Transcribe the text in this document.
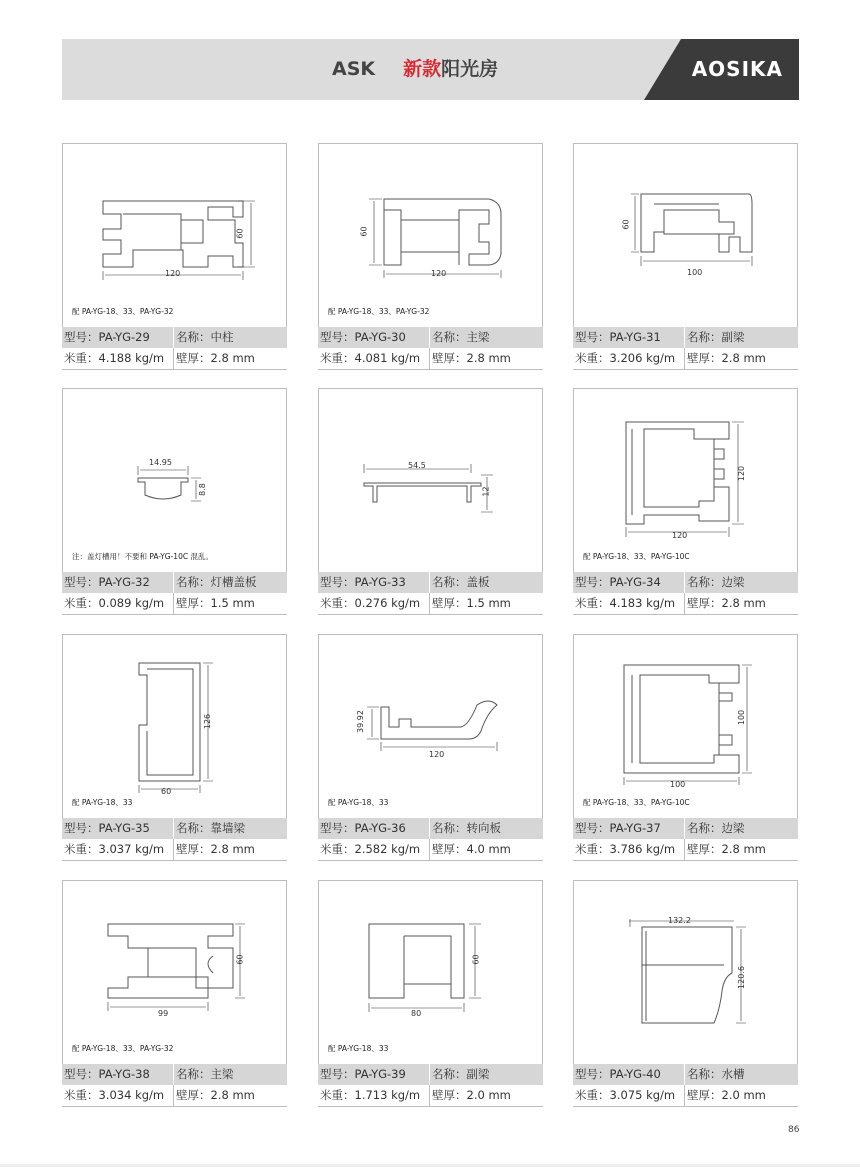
ASK 新款阳光房	AOSIKA
120
60
配 PA-YG-18、33、PA-YG-32
型号：PA-YG-29 名称：中柱
米重：4.188 kg/m 壁厚：2.8 mm
120
60
配 PA-YG-18、33、PA-YG-32
型号：PA-YG-30 名称：主梁
米重：4.081 kg/m 壁厚：2.8 mm
100
60
型号：PA-YG-31 名称：副梁
米重：3.206 kg/m 壁厚：2.8 mm
14.95
8.8
注：盖灯槽用！不要和 PA-YG-10C 混乱。
型号：PA-YG-32 名称：灯槽盖板
米重：0.089 kg/m 壁厚：1.5 mm
54.5
12
型号：PA-YG-33 名称：盖板
米重：0.276 kg/m 壁厚：1.5 mm
120
120
配 PA-YG-18、33、PA-YG-10C
型号：PA-YG-34 名称：边梁
米重：4.183 kg/m 壁厚：2.8 mm
60
126
配 PA-YG-18、33
型号：PA-YG-35 名称：靠墙梁
米重：3.037 kg/m 壁厚：2.8 mm
120
39.92
配 PA-YG-18、33
型号：PA-YG-36 名称：转向板
米重：2.582 kg/m 壁厚：4.0 mm
100
100
配 PA-YG-18、33、PA-YG-10C
型号：PA-YG-37 名称：边梁
米重：3.786 kg/m 壁厚：2.8 mm
99
60
配 PA-YG-18、33、PA-YG-32
型号：PA-YG-38 名称：主梁
米重：3.034 kg/m 壁厚：2.8 mm
80
60
配 PA-YG-18、33
型号：PA-YG-39 名称：副梁
米重：1.713 kg/m 壁厚：2.0 mm
132.2
120.6
型号：PA-YG-40 名称：水槽
米重：3.075 kg/m 壁厚：2.0 mm
86
